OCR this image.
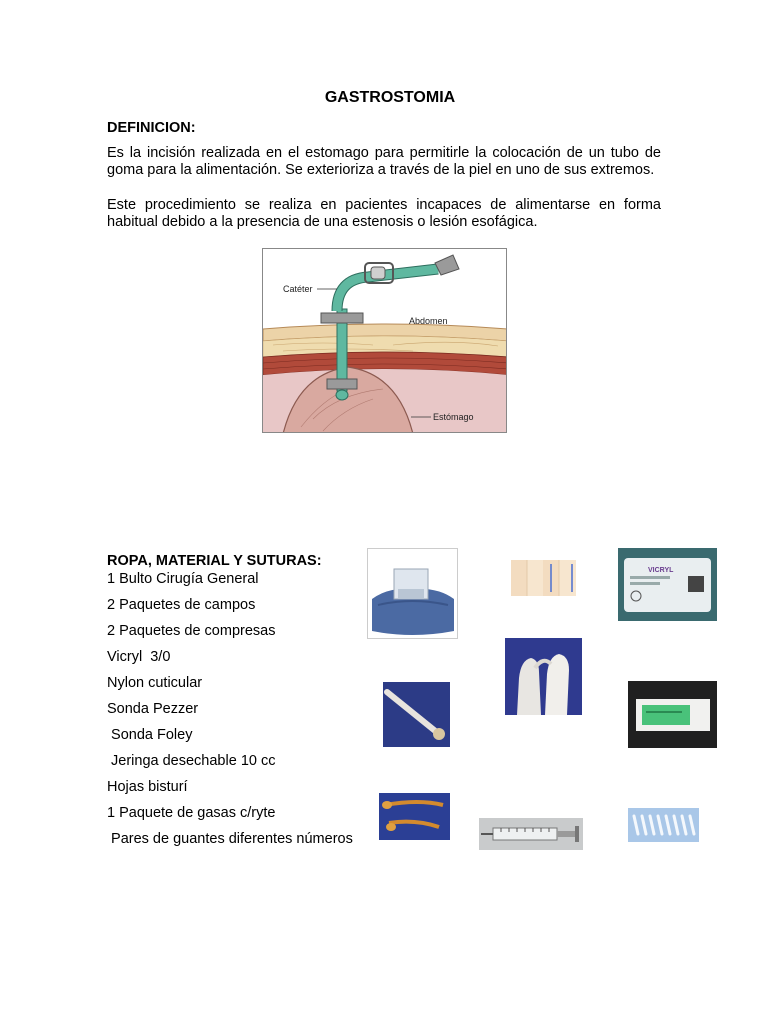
GASTROSTOMIA
DEFINICION:

Es la incisión realizada en el estomago para permitirle la colocación de un tubo de goma para la alimentación. Se exterioriza a través de la piel en uno de sus extremos.

Este procedimiento se realiza en pacientes incapaces de alimentarse en forma habitual debido a la presencia de una estenosis o lesión esofágica.

Catéter
Abdomen
Estómago
ROPA, MATERIAL Y SUTURAS:
1 Bulto Cirugía General
2 Paquetes de campos
2 Paquetes de compresas
Vicryl  3/0
Nylon cuticular
Sonda Pezzer
Sonda Foley
Jeringa desechable 10 cc
Hojas bisturí
1 Paquete de gasas c/ryte
Pares de guantes diferentes números
VICRYL
